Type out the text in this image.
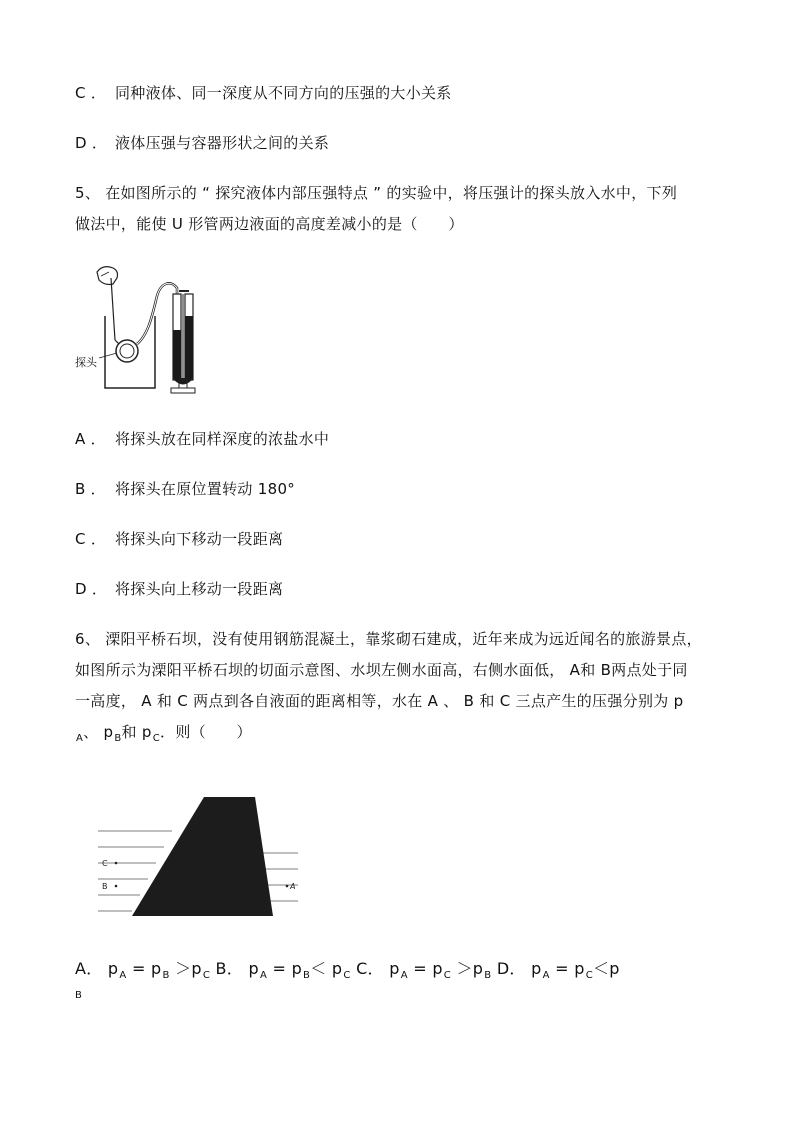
C ． 同种液体、同一深度从不同方向的压强的大小关系
D ． 液体压强与容器形状之间的关系
5、 在如图所示的 “ 探究液体内部压强特点 ” 的实验中，将压强计的探头放入水中，下列
做法中，能使 U 形管两边液面的高度差减小的是（　　）
探头
A ． 将探头放在同样深度的浓盐水中
B ． 将探头在原位置转动 180°
C ． 将探头向下移动一段距离
D ． 将探头向上移动一段距离
6、 溧阳平桥石坝，没有使用钢筋混凝土，靠浆砌石建成，近年来成为远近闻名的旅游景点，
如图所示为溧阳平桥石坝的切面示意图、水坝左侧水面高，右侧水面低， A和 B两点处于同
一高度， A 和 C 两点到各自液面的距离相等，水在 A 、 B 和 C 三点产生的压强分别为 p
$_A$、 $p_B$和 $p_C$．则（　　）
C
B	A
A． $p_A = p_B >p_C$ B． $p_A = p_B< p_C$ C． $p_A = p_C >p_B$ D． $p_A = p_C<p$
B
